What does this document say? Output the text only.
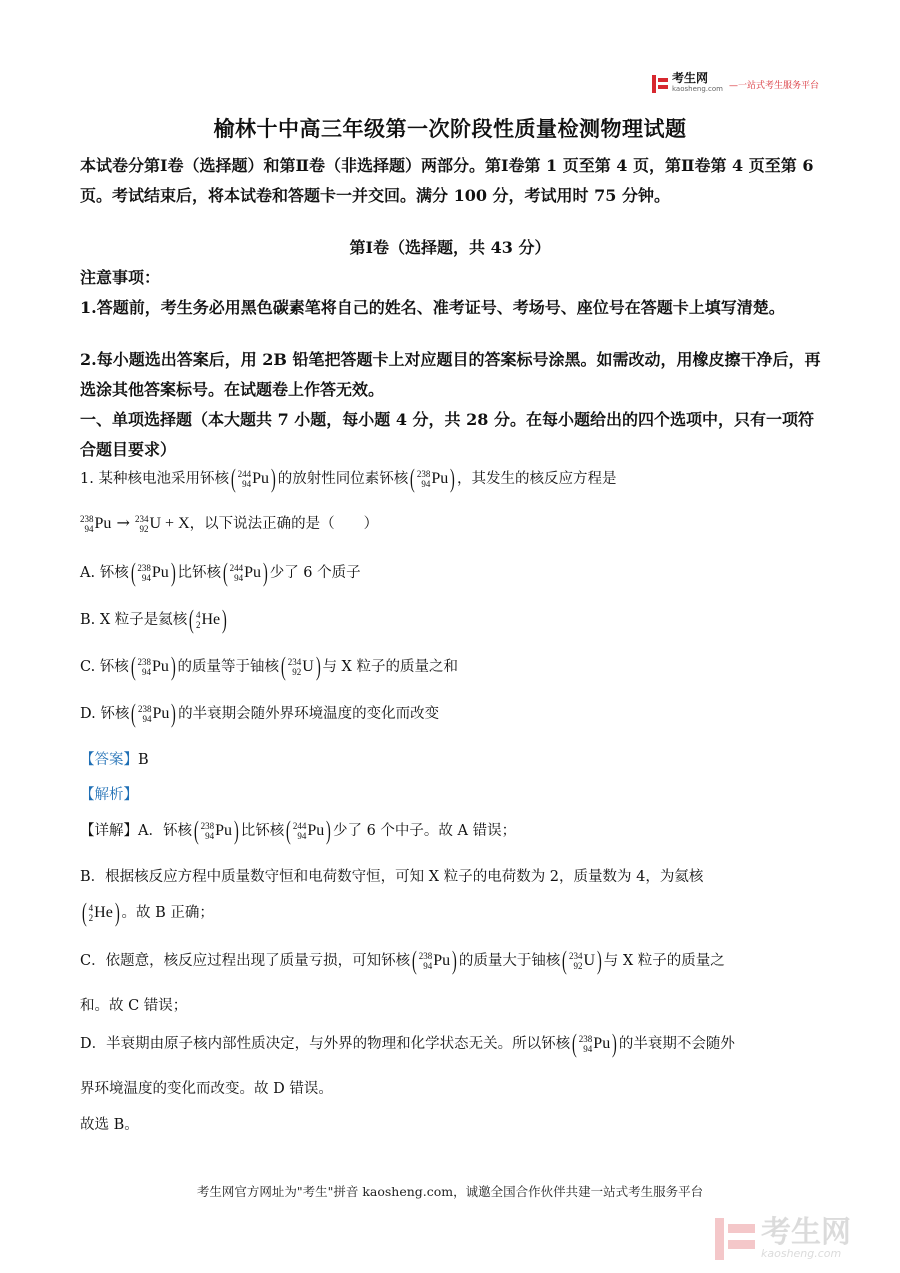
考生网
kaosheng.com —一站式考生服务平台
榆林十中高三年级第一次阶段性质量检测物理试题
本试卷分第Ⅰ卷（选择题）和第Ⅱ卷（非选择题）两部分。第Ⅰ卷第 1 页至第 4 页，第Ⅱ卷第 4 页至第 6 页。考试结束后，将本试卷和答题卡一并交回。满分 100 分，考试用时 75 分钟。
第Ⅰ卷（选择题，共 43 分）
注意事项：
1.答题前，考生务必用黑色碳素笔将自己的姓名、准考证号、考场号、座位号在答题卡上填写清楚。
2.每小题选出答案后，用 2B 铅笔把答题卡上对应题目的答案标号涂黑。如需改动，用橡皮擦干净后，再选涂其他答案标号。在试题卷上作答无效。
一、单项选择题（本大题共 7 小题，每小题 4 分，共 28 分。在每小题给出的四个选项中，只有一项符合题目要求）
1. 某种核电池采用钚核 ( 244
94 Pu ) 的放射性同位素钚核 ( 238
94 Pu ) ，其发生的核反应方程是
238
94 Pu → 234
92 U + X，以下说法正确的是（　　）
A. 钚核 ( 238
94 Pu ) 比钚核 ( 244
94 Pu ) 少了 6 个质子
B. X 粒子是氦核 ( 4
2 He )
C. 钚核 ( 238
94 Pu ) 的质量等于铀核 ( 234
92 U ) 与 X 粒子的质量之和
D. 钚核 ( 238
94 Pu ) 的半衰期会随外界环境温度的变化而改变
【答案】B
【解析】
【详解】A．钚核 ( 238
94 Pu ) 比钚核 ( 244
94 Pu ) 少了 6 个中子。故 A 错误；
B．根据核反应方程中质量数守恒和电荷数守恒，可知 X 粒子的电荷数为 2，质量数为 4，为氦核
( 4
2 He ) 。故 B 正确；
C．依题意，核反应过程出现了质量亏损，可知钚核 ( 238
94 Pu ) 的质量大于铀核 ( 234
92 U ) 与 X 粒子的质量之
和。故 C 错误；
D．半衰期由原子核内部性质决定，与外界的物理和化学状态无关。所以钚核 ( 238
94 Pu ) 的半衰期不会随外
界环境温度的变化而改变。故 D 错误。
故选 B。
考生网官方网址为"考生"拼音 kaosheng.com，诚邀全国合作伙伴共建一站式考生服务平台
考生网
kaosheng.com
